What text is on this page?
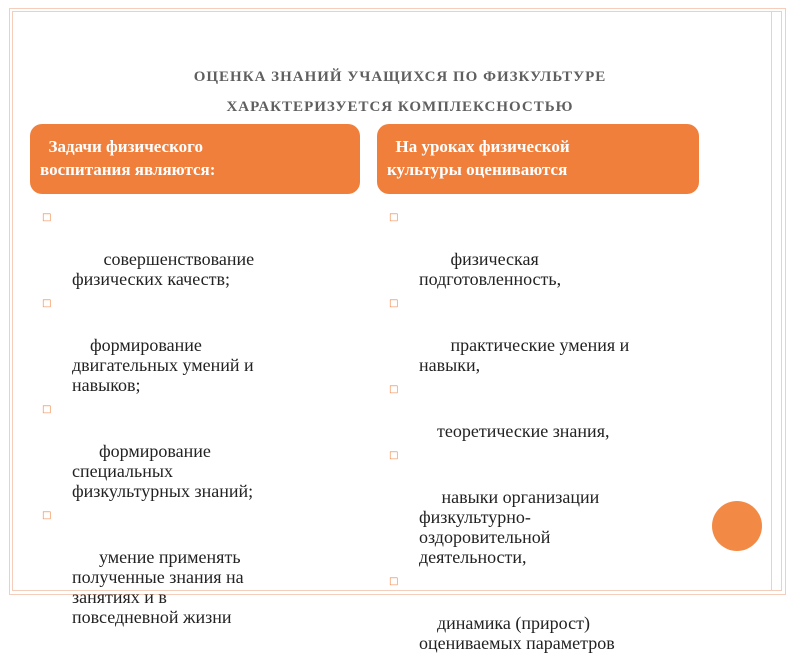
ОЦЕНКА ЗНАНИЙ УЧАЩИХСЯ ПО ФИЗКУЛЬТУРЕ
ХАРАКТЕРИЗУЕТСЯ КОМПЛЕКСНОСТЬЮ
Задачи физического
воспитания являются:
На уроках физической
культуры оцениваются

□

совершенствование
физических качеств;

□

формирование
двигательных умений и
навыков;

□

формирование
специальных
физкультурных знаний;

□

умение применять
полученные знания на
занятиях и в
повседневной жизни

□

физическая
подготовленность,

□

практические умения и
навыки,

□

теоретические знания,

□

навыки организации
физкультурно-
оздоровительной
деятельности,

□

динамика (прирост)
оцениваемых параметров
